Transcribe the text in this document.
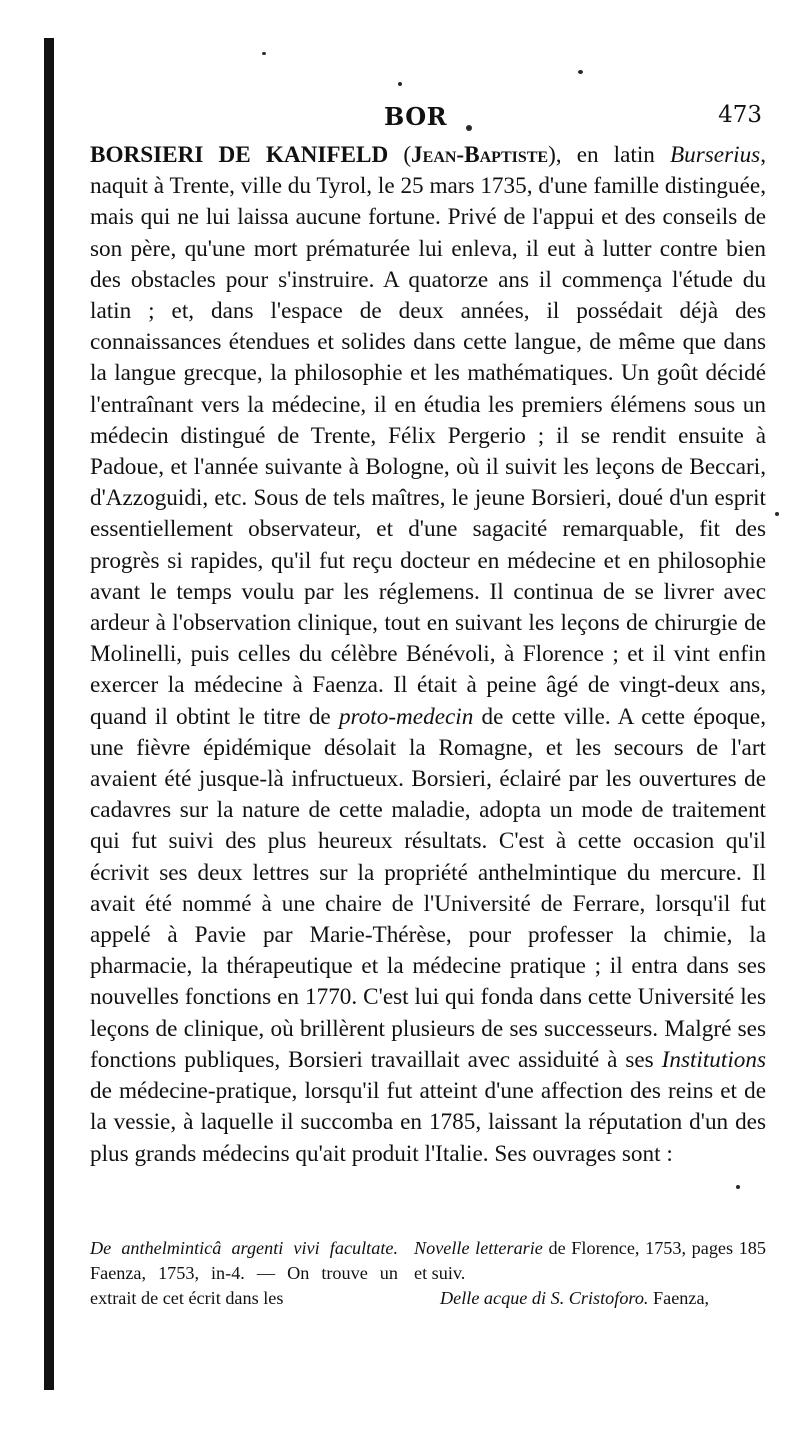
BOR	473

BORSIERI DE KANIFELD (Jean-Baptiste), en latin Burserius, naquit à Trente, ville du Tyrol, le 25 mars 1735, d'une famille distinguée, mais qui ne lui laissa aucune fortune. Privé de l'appui et des conseils de son père, qu'une mort prématurée lui enleva, il eut à lutter contre bien des obstacles pour s'instruire. A quatorze ans il commença l'étude du latin ; et, dans l'espace de deux années, il possédait déjà des connaissances étendues et solides dans cette langue, de même que dans la langue grecque, la philosophie et les mathématiques. Un goût décidé l'entraînant vers la médecine, il en étudia les premiers élémens sous un médecin distingué de Trente, Félix Pergerio ; il se rendit ensuite à Padoue, et l'année suivante à Bologne, où il suivit les leçons de Beccari, d'Azzoguidi, etc. Sous de tels maîtres, le jeune Borsieri, doué d'un esprit essentiellement observateur, et d'une sagacité remarquable, fit des progrès si rapides, qu'il fut reçu docteur en médecine et en philosophie avant le temps voulu par les réglemens. Il continua de se livrer avec ardeur à l'observation clinique, tout en suivant les leçons de chirurgie de Molinelli, puis celles du célèbre Bénévoli, à Florence ; et il vint enfin exercer la médecine à Faenza. Il était à peine âgé de vingt-deux ans, quand il obtint le titre de proto-medecin de cette ville. A cette époque, une fièvre épidémique désolait la Romagne, et les secours de l'art avaient été jusque-là infructueux. Borsieri, éclairé par les ouvertures de cadavres sur la nature de cette maladie, adopta un mode de traitement qui fut suivi des plus heureux résultats. C'est à cette occasion qu'il écrivit ses deux lettres sur la propriété anthelmintique du mercure. Il avait été nommé à une chaire de l'Université de Ferrare, lorsqu'il fut appelé à Pavie par Marie-Thérèse, pour professer la chimie, la pharmacie, la thérapeutique et la médecine pratique ; il entra dans ses nouvelles fonctions en 1770. C'est lui qui fonda dans cette Université les leçons de clinique, où brillèrent plusieurs de ses successeurs. Malgré ses fonctions publiques, Borsieri travaillait avec assiduité à ses Institutions de médecine-pratique, lorsqu'il fut atteint d'une affection des reins et de la vessie, à laquelle il succomba en 1785, laissant la réputation d'un des plus grands médecins qu'ait produit l'Italie. Ses ouvrages sont :

De anthelminticâ argenti vivi facultate. Faenza, 1753, in-4. — On trouve un extrait de cet écrit dans les

Novelle letterarie de Florence, 1753, pages 185 et suiv.

Delle acque di S. Cristoforo. Faenza,
